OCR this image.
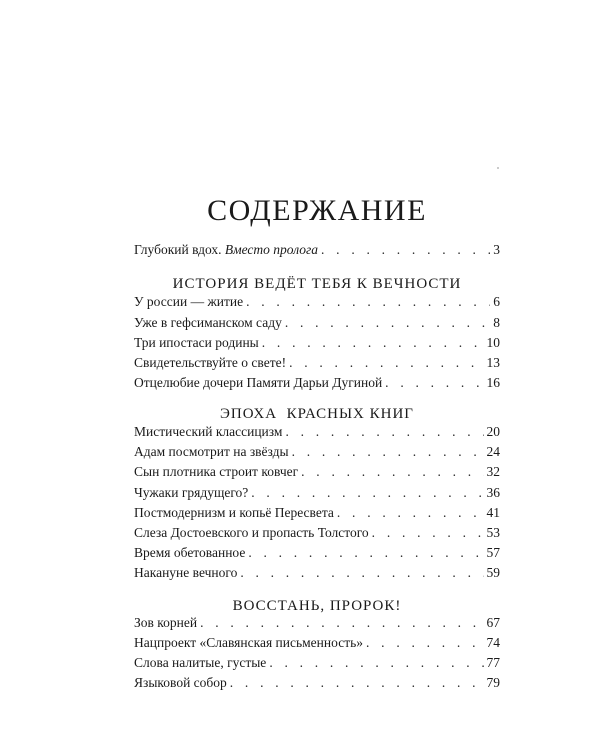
СОДЕРЖАНИЕ
Глубокий вдох. Вместо пролога . . .	3
ИСТОРИЯ ВЕДЁТ ТЕБЯ К ВЕЧНОСТИ
У россии — житие . . .	6
Уже в гефсиманском саду . . .	8
Три ипостаси родины . . .	10
Свидетельствуйте о свете! . . .	13
Отцелюбие дочери Памяти Дарьи Дугиной . . .	16
ЭПОХА  КРАСНЫХ КНИГ
Мистический классицизм . . .	20
Адам посмотрит на звёзды . . .	24
Сын плотника строит ковчег . . .	32
Чужаки грядущего? . . .	36
Постмодернизм и копьё Пересвета . . .	41
Слеза Достоевского и пропасть Толстого . . .	53
Время обетованное . . .	57
Накануне вечного . . .	59
ВОССТАНЬ, ПРОРОК!
Зов корней . . .	67
Нацпроект «Славянская письменность» . . .	74
Слова налитые, густые . . .	77
Языковой собор . . .	79
